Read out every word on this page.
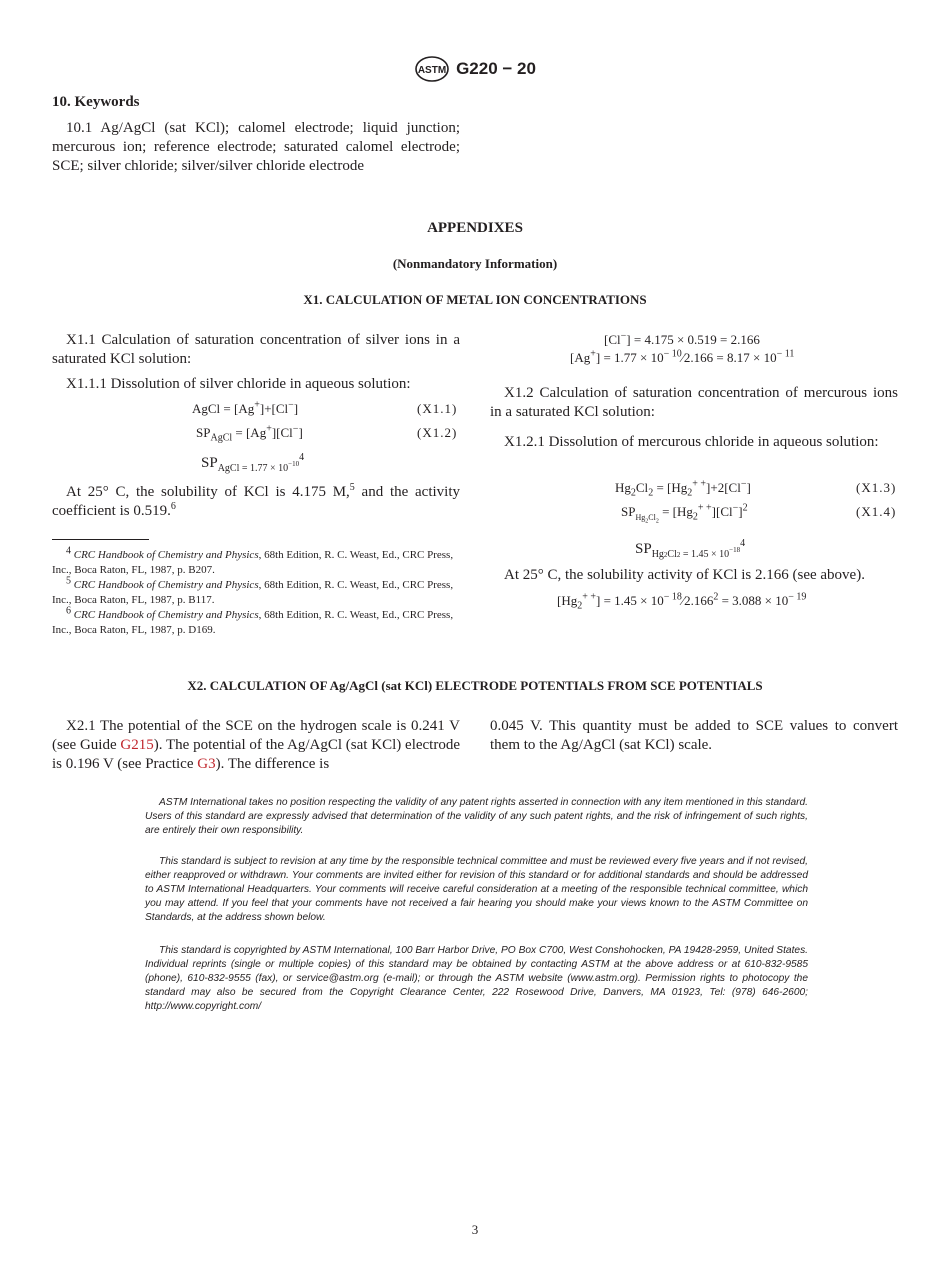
ASTM G220 − 20
10. Keywords
10.1 Ag/AgCl (sat KCl); calomel electrode; liquid junction; mercurous ion; reference electrode; saturated calomel electrode; SCE; silver chloride; silver/silver chloride electrode
APPENDIXES
(Nonmandatory Information)
X1. CALCULATION OF METAL ION CONCENTRATIONS
X1.1 Calculation of saturation concentration of silver ions in a saturated KCl solution:
X1.1.1 Dissolution of silver chloride in aqueous solution:
AgCl = [Ag+]+[Cl−]	(X1.1)
$SP_{AgCl} = [Ag^+][Cl^-]$	(X1.2)
$SP_{AgCl = 1.77 \times 10^{-10}}^4$
At 25° C, the solubility of KCl is 4.175 M,$^5$ and the activity coefficient is 0.519.$^6$
$^4$ CRC Handbook of Chemistry and Physics, 68th Edition, R. C. Weast, Ed., CRC Press, Inc., Boca Raton, FL, 1987, p. B207.
$^5$ CRC Handbook of Chemistry and Physics, 68th Edition, R. C. Weast, Ed., CRC Press, Inc., Boca Raton, FL, 1987, p. B117.
$^6$ CRC Handbook of Chemistry and Physics, 68th Edition, R. C. Weast, Ed., CRC Press, Inc., Boca Raton, FL, 1987, p. D169.
[Cl−] = 4.175 × 0.519 = 2.166
$[Ag^+] = 1.77 \times 10^{- 10}⁄2.166 = 8.17 \times 10^{- 11}$
X1.2 Calculation of saturation concentration of mercurous ions in a saturated KCl solution:
X1.2.1 Dissolution of mercurous chloride in aqueous solution:
$Hg_2Cl_2 = [Hg_2^{+ +}]+2[Cl^-]$	(X1.3)
$SP_{Hg_2Cl_2} = [Hg_2^{+ +}][Cl^-]^2$	(X1.4)
$SP_{Hg2Cl2 = 1.45 \times 10^{-18}}^4$
At 25° C, the solubility activity of KCl is 2.166 (see above).
$[Hg_2^{+ +}] = 1.45$ × $10^{- 18}⁄2.166^2 = 3.088 \times 10^{- 19}$
X2. CALCULATION OF Ag/AgCl (sat KCl) ELECTRODE POTENTIALS FROM SCE POTENTIALS
X2.1 The potential of the SCE on the hydrogen scale is 0.241 V (see Guide G215). The potential of the Ag/AgCl (sat KCl) electrode is 0.196 V (see Practice G3). The difference is
0.045 V. This quantity must be added to SCE values to convert them to the Ag/AgCl (sat KCl) scale.

ASTM International takes no position respecting the validity of any patent rights asserted in connection with any item mentioned in this standard. Users of this standard are expressly advised that determination of the validity of any such patent rights, and the risk of infringement of such rights, are entirely their own responsibility.

This standard is subject to revision at any time by the responsible technical committee and must be reviewed every five years and if not revised, either reapproved or withdrawn. Your comments are invited either for revision of this standard or for additional standards and should be addressed to ASTM International Headquarters. Your comments will receive careful consideration at a meeting of the responsible technical committee, which you may attend. If you feel that your comments have not received a fair hearing you should make your views known to the ASTM Committee on Standards, at the address shown below.

This standard is copyrighted by ASTM International, 100 Barr Harbor Drive, PO Box C700, West Conshohocken, PA 19428-2959, United States. Individual reprints (single or multiple copies) of this standard may be obtained by contacting ASTM at the above address or at 610-832-9585 (phone), 610-832-9555 (fax), or service@astm.org (e-mail); or through the ASTM website (www.astm.org). Permission rights to photocopy the standard may also be secured from the Copyright Clearance Center, 222 Rosewood Drive, Danvers, MA 01923, Tel: (978) 646-2600; http://www.copyright.com/

3
